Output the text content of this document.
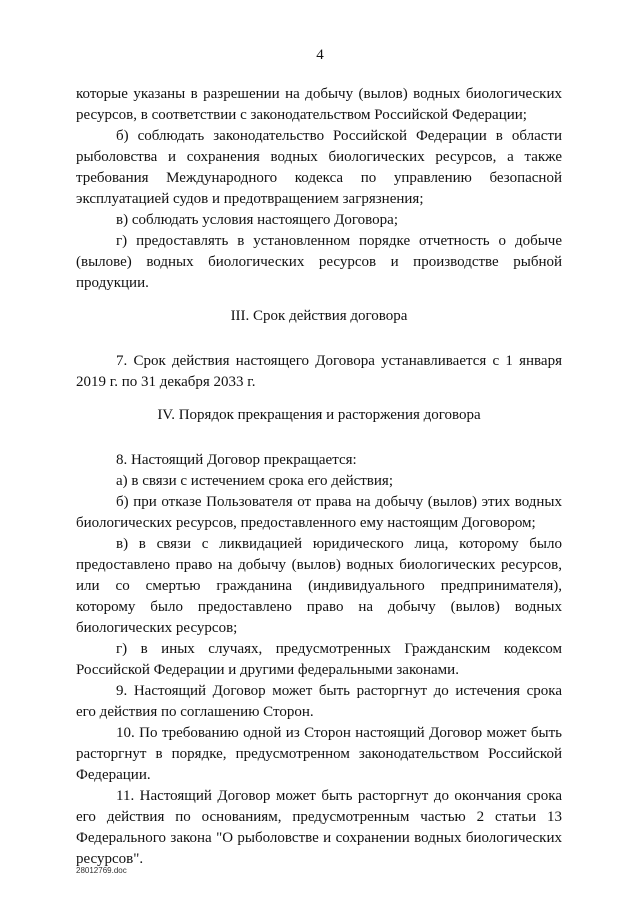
4

которые указаны в разрешении на добычу (вылов) водных биологических ресурсов, в соответствии с законодательством Российской Федерации;

б) соблюдать законодательство Российской Федерации в области рыболовства и сохранения водных биологических ресурсов, а также требования Международного кодекса по управлению безопасной эксплуатацией судов и предотвращением загрязнения;

в) соблюдать условия настоящего Договора;

г) предоставлять в установленном порядке отчетность о добыче (вылове) водных биологических ресурсов и производстве рыбной продукции.

III. Срок действия договора

7. Срок действия настоящего Договора устанавливается с 1 января 2019 г. по 31 декабря 2033 г.

IV. Порядок прекращения и расторжения договора

8. Настоящий Договор прекращается:

а) в связи с истечением срока его действия;

б) при отказе Пользователя от права на добычу (вылов) этих водных биологических ресурсов, предоставленного ему настоящим Договором;

в) в связи с ликвидацией юридического лица, которому было предоставлено право на добычу (вылов) водных биологических ресурсов, или со смертью гражданина (индивидуального предпринимателя), которому было предоставлено право на добычу (вылов) водных биологических ресурсов;

г) в иных случаях, предусмотренных Гражданским кодексом Российской Федерации и другими федеральными законами.

9. Настоящий Договор может быть расторгнут до истечения срока его действия по соглашению Сторон.

10. По требованию одной из Сторон настоящий Договор может быть расторгнут в порядке, предусмотренном законодательством Российской Федерации.

11. Настоящий Договор может быть расторгнут до окончания срока его действия по основаниям, предусмотренным частью 2 статьи 13 Федерального закона "О рыболовстве и сохранении водных биологических ресурсов".

28012769.doc
